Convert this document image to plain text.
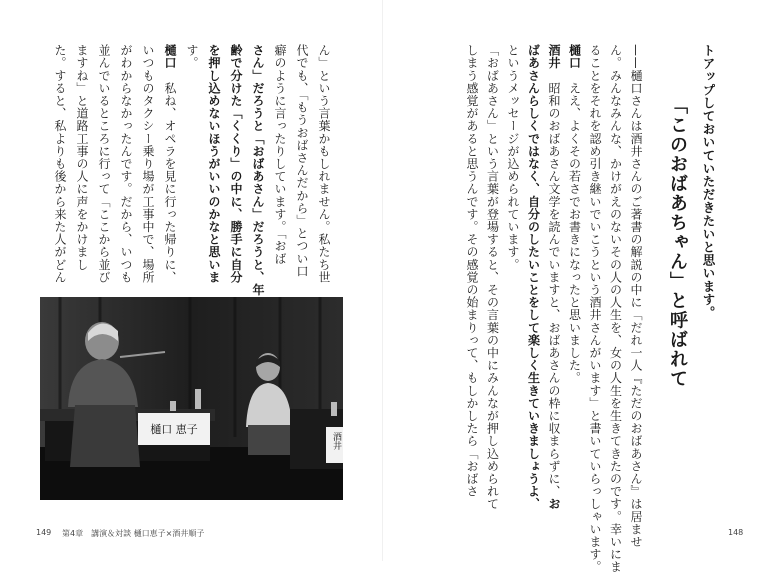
ん」という言葉かもしれません。私たち世
代でも、「もうおばさんだから」とつい口
癖のように言ったりしています。「おば
さん」だろうと「おばあさん」だろうと、年
齢で分けた「くくり」の中に、勝手に自分
を押し込めないほうがいいのかなと思いま
す。
樋口　私ね、オペラを見に行った帰りに、
いつものタクシー乗り場が工事中で、場所
がわからなかったんです。だから、いつも
並んでいるところに行って「ここから並び
ますね」と道路工事の人に声をかけまし
た。すると、私よりも後から来た人がどん
樋口 恵子
酒井
149 第4章　講演＆対談 樋口恵子×酒井順子
トアップしておいていただきたいと思います。
「このおばあちゃん」と呼ばれて
——樋口さんは酒井さんのご著書の解説の中に「だれ一人『ただのおばあさん』は居ませ
ん。みんなみんな、かけがえのないその人の人生を、女の人生を生きてきたのです。幸いにま
ることをそれを認め引き継いでいこうという酒井さんがいます」と書いていらっしゃいます。
樋口　ええ、よくその若さでお書きになったと思いました。
酒井　昭和のおばあさん文学を読んでいますと、おばあさんの枠に収まらずに、お
ばあさんらしくではなく、自分のしたいことをして楽しく生きていきましょうよ、
というメッセージが込められています。
「おばあさん」という言葉が登場すると、その言葉の中にみんなが押し込められて
しまう感覚があると思うんです。その感覚の始まりって、もしかしたら「おばさ
148
